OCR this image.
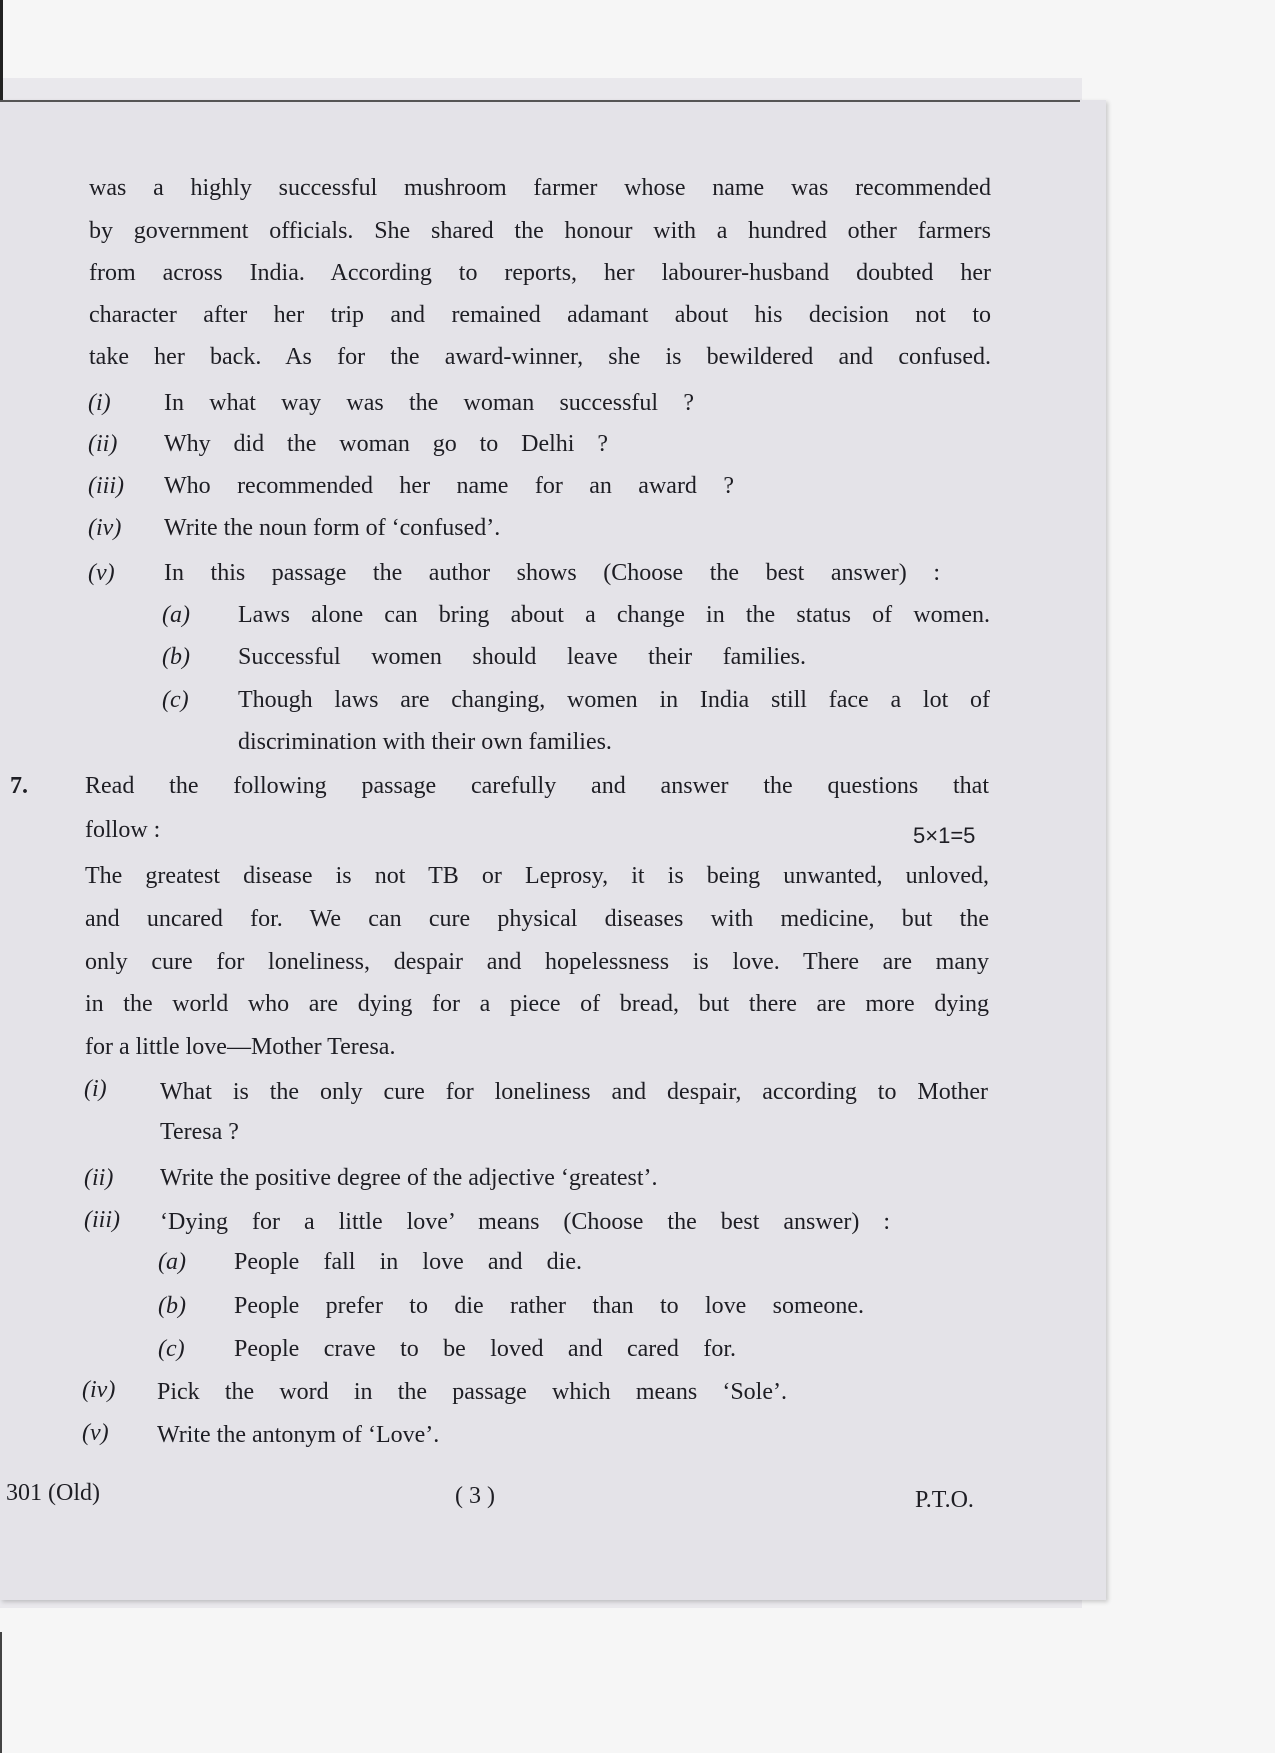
was a highly successful mushroom farmer whose name was recommended
by government officials. She shared the honour with a hundred other farmers
from across India. According to reports, her labourer-husband doubted her
character after her trip and remained adamant about his decision not to
take her back. As for the award-winner, she is bewildered and confused.
(i) In what way was the woman successful ?
(ii) Why did the woman go to Delhi ?
(iii) Who recommended her name for an award ?
(iv) Write the noun form of ‘confused’.
(v) In this passage the author shows (Choose the best answer) :
(a) Laws alone can bring about a change in the status of women.
(b) Successful women should leave their families.
(c) Though laws are changing, women in India still face a lot of
discrimination with their own families.
7. Read the following passage carefully and answer the questions that
follow :	5×1=5
The greatest disease is not TB or Leprosy, it is being unwanted, unloved,
and uncared for. We can cure physical diseases with medicine, but the
only cure for loneliness, despair and hopelessness is love. There are many
in the world who are dying for a piece of bread, but there are more dying
for a little love—Mother Teresa.
(i) What is the only cure for loneliness and despair, according to Mother
Teresa ?
(ii) Write the positive degree of the adjective ‘greatest’.
(iii) ‘Dying for a little love’ means (Choose the best answer) :
(a) People fall in love and die.
(b) People prefer to die rather than to love someone.
(c) People crave to be loved and cared for.
(iv) Pick the word in the passage which means ‘Sole’.
(v) Write the antonym of ‘Love’.
301 (Old)	( 3 )	P.T.O.
